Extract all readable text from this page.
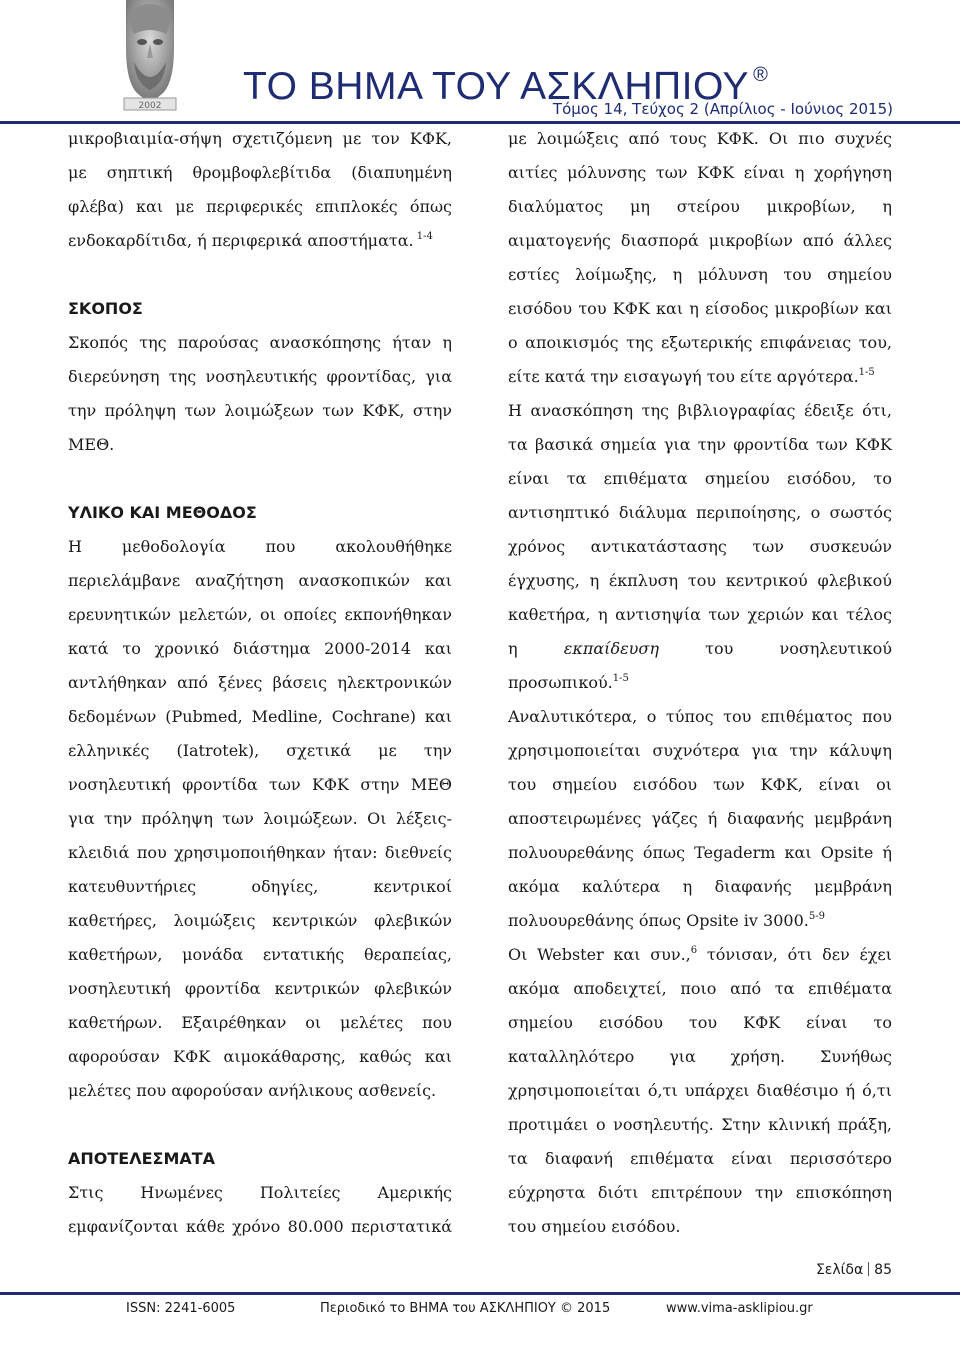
2002 ΤΟ ΒΗΜΑ ΤΟΥ ΑΣΚΛΗΠΙΟΥ ®
Τόμος 14, Τεύχος 2 (Απρίλιος - Ιούνιος 2015)

μικροβιαιμία-σήψη σχετιζόμενη με τον ΚΦΚ,

με σηπτική θρομβοφλεβίτιδα (διαπυημένη

φλέβα) και με περιφερικές επιπλοκές όπως

ενδοκαρδίτιδα, ή περιφερικά αποστήματα. $^{1-4}$

ΣΚΟΠΟΣ

Σκοπός της παρούσας ανασκόπησης ήταν η

διερεύνηση της νοσηλευτικής φροντίδας, για

την πρόληψη των λοιμώξεων των ΚΦΚ, στην

ΜΕΘ.

ΥΛΙΚΟ ΚΑΙ ΜΕΘΟΔΟΣ

Η μεθοδολογία που ακολουθήθηκε

περιελάμβανε αναζήτηση ανασκοπικών και

ερευνητικών μελετών, οι οποίες εκπονήθηκαν

κατά το χρονικό διάστημα 2000-2014 και

αντλήθηκαν από ξένες βάσεις ηλεκτρονικών

δεδομένων (Pubmed, Medline, Cochrane) και

ελληνικές (Iatrotek), σχετικά με την

νοσηλευτική φροντίδα των ΚΦΚ στην ΜΕΘ

για την πρόληψη των λοιμώξεων. Οι λέξεις-

κλειδιά που χρησιμοποιήθηκαν ήταν: διεθνείς

κατευθυντήριες οδηγίες, κεντρικοί

καθετήρες, λοιμώξεις κεντρικών φλεβικών

καθετήρων, μονάδα εντατικής θεραπείας,

νοσηλευτική φροντίδα κεντρικών φλεβικών

καθετήρων. Εξαιρέθηκαν οι μελέτες που

αφορούσαν ΚΦΚ αιμοκάθαρσης, καθώς και

μελέτες που αφορούσαν ανήλικους ασθενείς.

ΑΠΟΤΕΛΕΣΜΑΤΑ

Στις Ηνωμένες Πολιτείες Αμερικής

εμφανίζονται κάθε χρόνο 80.000 περιστατικά

με λοιμώξεις από τους ΚΦΚ. Οι πιο συχνές

αιτίες μόλυνσης των ΚΦΚ είναι η χορήγηση

διαλύματος μη στείρου μικροβίων, η

αιματογενής διασπορά μικροβίων από άλλες

εστίες λοίμωξης, η μόλυνση του σημείου

εισόδου του ΚΦΚ και η είσοδος μικροβίων και

ο αποικισμός της εξωτερικής επιφάνειας του,

είτε κατά την εισαγωγή του είτε αργότερα.$^{1-5}$

Η ανασκόπηση της βιβλιογραφίας έδειξε ότι,

τα βασικά σημεία για την φροντίδα των ΚΦΚ

είναι τα επιθέματα σημείου εισόδου, το

αντισηπτικό διάλυμα περιποίησης, ο σωστός

χρόνος αντικατάστασης των συσκευών

έγχυσης, η έκπλυση του κεντρικού φλεβικού

καθετήρα, η αντισηψία των χεριών και τέλος

η	εκπαίδευση	του νοσηλευτικού

προσωπικού.$^{1-5}$

Αναλυτικότερα, ο τύπος του επιθέματος που

χρησιμοποιείται συχνότερα για την κάλυψη

του σημείου εισόδου των ΚΦΚ, είναι οι

αποστειρωμένες γάζες ή διαφανής μεμβράνη

πολυουρεθάνης όπως Tegaderm και Opsite ή

ακόμα καλύτερα η διαφανής μεμβράνη

πολυουρεθάνης όπως Opsite iv 3000.$^{5-9}$

Οι Webster και συν.,$^6$ τόνισαν, ότι δεν έχει

ακόμα αποδειχτεί, ποιο από τα επιθέματα

σημείου εισόδου του ΚΦΚ είναι το

καταλληλότερο για χρήση. Συνήθως

χρησιμοποιείται ό,τι υπάρχει διαθέσιμο ή ό,τι

προτιμάει ο νοσηλευτής. Στην κλινική πράξη,

τα διαφανή επιθέματα είναι περισσότερο

εύχρηστα διότι επιτρέπουν την επισκόπηση

του σημείου εισόδου.

Σελίδα 85
ISSN: 2241-6005	Περιοδικό το ΒΗΜΑ του ΑΣΚΛΗΠΙΟΥ © 2015	www.vima-asklipiou.gr
